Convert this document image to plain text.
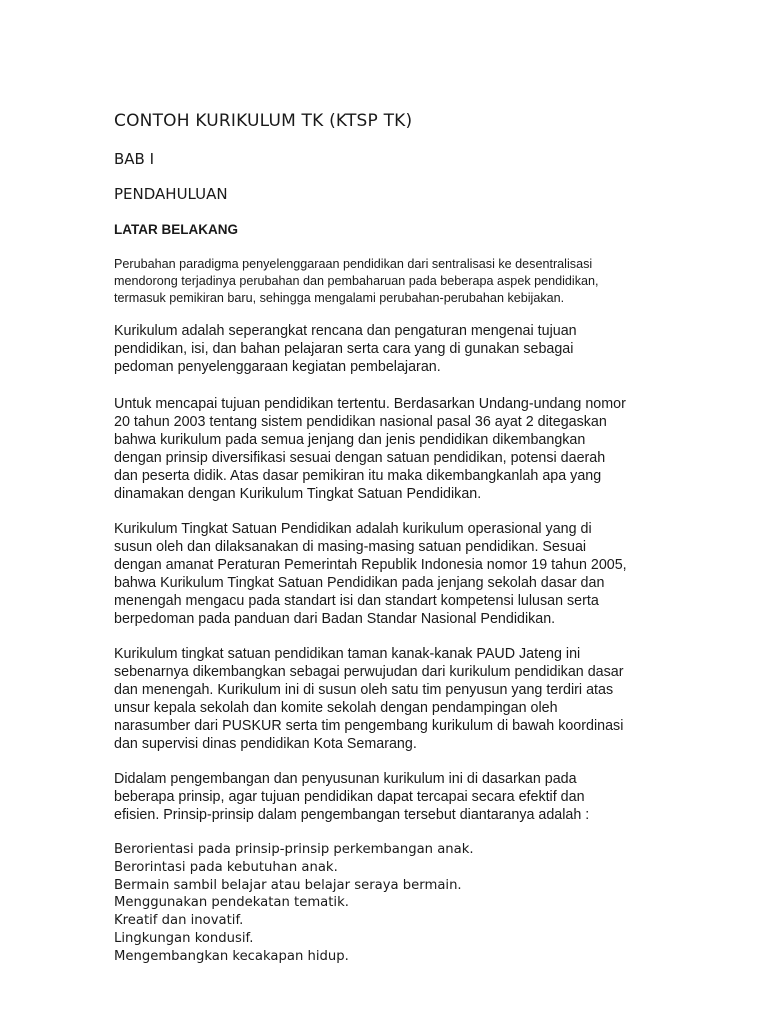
CONTOH KURIKULUM TK (KTSP TK)
BAB I
PENDAHULUAN
LATAR BELAKANG

Perubahan paradigma penyelenggaraan pendidikan dari sentralisasi ke desentralisasi
mendorong terjadinya perubahan dan pembaharuan pada beberapa aspek pendidikan,
termasuk pemikiran baru, sehingga mengalami perubahan-perubahan kebijakan.

Kurikulum adalah seperangkat rencana dan pengaturan mengenai tujuan
pendidikan, isi, dan bahan pelajaran serta cara yang di gunakan sebagai
pedoman penyelenggaraan kegiatan pembelajaran.

Untuk mencapai tujuan pendidikan tertentu. Berdasarkan Undang-undang nomor
20 tahun 2003 tentang sistem pendidikan nasional pasal 36 ayat 2 ditegaskan
bahwa kurikulum pada semua jenjang dan jenis pendidikan dikembangkan
dengan prinsip diversifikasi sesuai dengan satuan pendidikan, potensi daerah
dan peserta didik. Atas dasar pemikiran itu maka dikembangkanlah apa yang
dinamakan dengan Kurikulum Tingkat Satuan Pendidikan.

Kurikulum Tingkat Satuan Pendidikan adalah kurikulum operasional yang di
susun oleh dan dilaksanakan di masing-masing satuan pendidikan. Sesuai
dengan amanat Peraturan Pemerintah Republik Indonesia nomor 19 tahun 2005,
bahwa Kurikulum Tingkat Satuan Pendidikan pada jenjang sekolah dasar dan
menengah mengacu pada standart isi dan standart kompetensi lulusan serta
berpedoman pada panduan dari Badan Standar Nasional Pendidikan.

Kurikulum tingkat satuan pendidikan taman kanak-kanak PAUD Jateng ini
sebenarnya dikembangkan sebagai perwujudan dari kurikulum pendidikan dasar
dan menengah. Kurikulum ini di susun oleh satu tim penyusun yang terdiri atas
unsur kepala sekolah dan komite sekolah dengan pendampingan oleh
narasumber dari PUSKUR serta tim pengembang kurikulum di bawah koordinasi
dan supervisi dinas pendidikan Kota Semarang.

Didalam pengembangan dan penyusunan kurikulum ini di dasarkan pada
beberapa prinsip, agar tujuan pendidikan dapat tercapai secara efektif dan
efisien. Prinsip-prinsip dalam pengembangan tersebut diantaranya adalah :

Berorientasi pada prinsip-prinsip perkembangan anak.
Berorintasi pada kebutuhan anak.
Bermain sambil belajar atau belajar seraya bermain.
Menggunakan pendekatan tematik.
Kreatif dan inovatif.
Lingkungan kondusif.
Mengembangkan kecakapan hidup.
